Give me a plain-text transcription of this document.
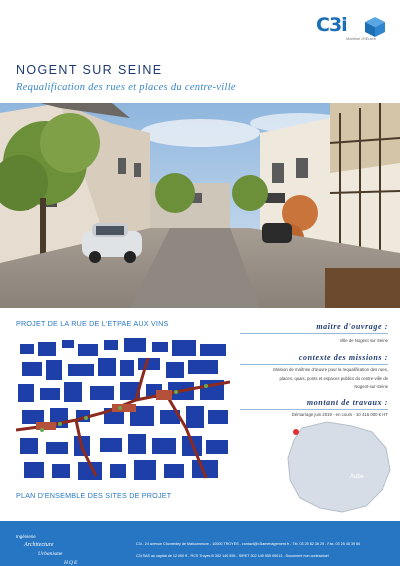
C3i
Maîtrise d'Œuvre
NOGENT SUR SEINE
Requalification des rues et places du centre-ville
PROJET DE LA RUE DE L'ETPAE AUX VINS
PLAN D'ENSEMBLE DES SITES DE PROJET
maître d'ouvrage :
Ville de Nogent sur Seine
contexte des missions :
Mission de maîtrise d'œuvre pour la requalification des rues,
places, quais, ponts et espaces publics du centre-ville de
Nogent-sur-Seine
montant de travaux :
Démarrage juin 2019 - en cours - 10 416 000 € HT
Aube
Ingénierie
Architecture
Urbanisme
HQE
C3i - 24 avenue Chomedey de Maisonneuve - 10000 TROYES - contact@c3iamenagement.fr - Tél. 03 25 82 36 29 - Fax. 03 25 45 39 60
C3i SAS au capital de 12 000 € - RCS Troyes B 302 140 555 - SIRET 302 140 555 00013 - Document non contractuel
